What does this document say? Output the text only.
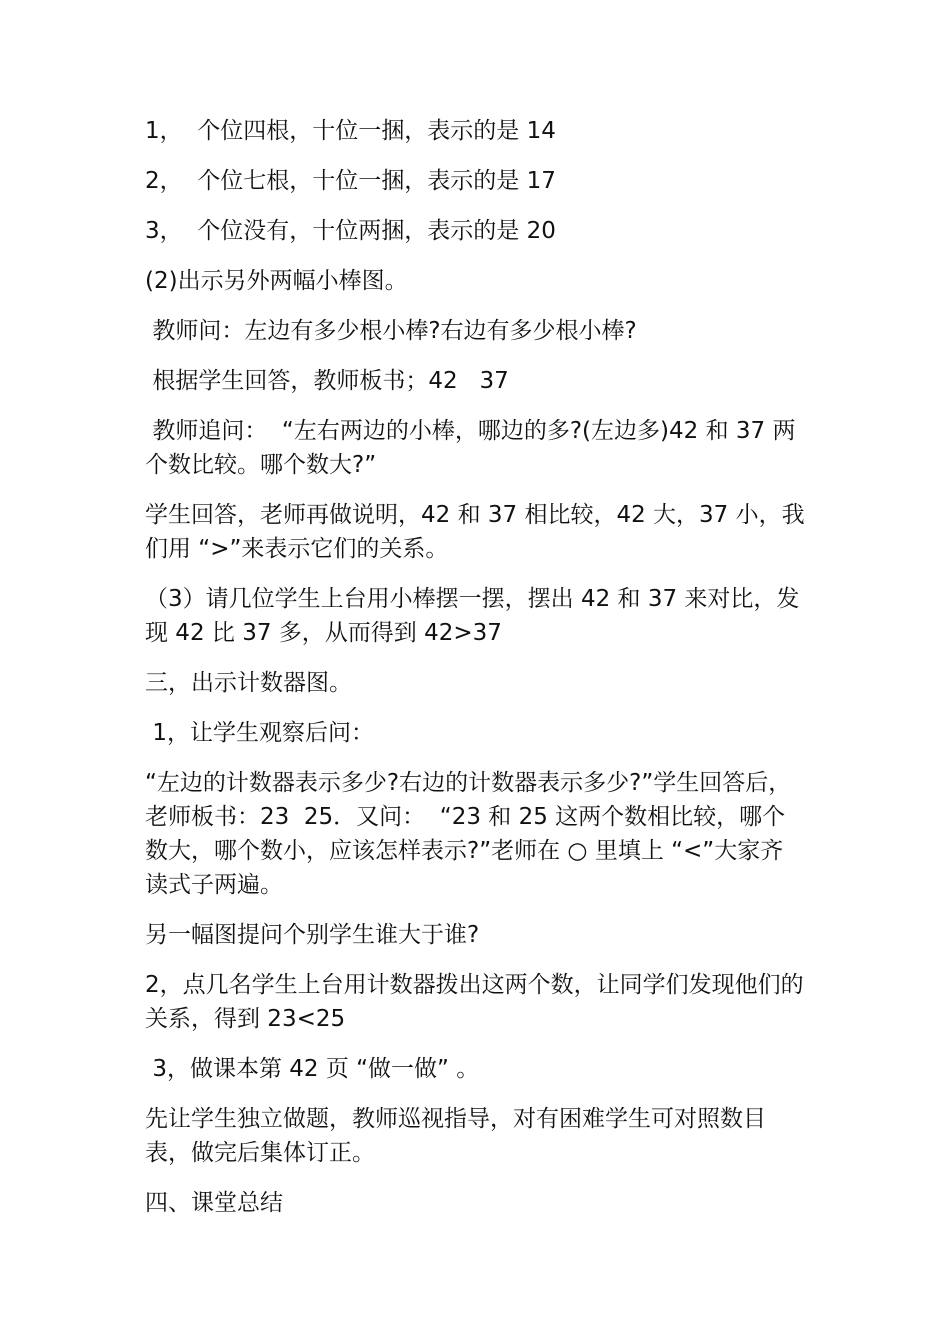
1，  个位四根，十位一捆，表示的是 14

2，  个位七根，十位一捆，表示的是 17

3，  个位没有，十位两捆，表示的是 20

(2)出示另外两幅小棒图。

教师问：左边有多少根小棒?右边有多少根小棒?

根据学生回答，教师板书；42   37

教师追问：  “左右两边的小棒，哪边的多?(左边多)42 和 37 两个数比较。哪个数大?”

学生回答，老师再做说明，42 和 37 相比较，42 大，37 小，我们用 “>”来表示它们的关系。

（3）请几位学生上台用小棒摆一摆，摆出 42 和 37 来对比，发现 42 比 37 多，从而得到 42>37

三，出示计数器图。

1，让学生观察后问：

“左边的计数器表示多少?右边的计数器表示多少?”学生回答后，老师板书：23  25．又问：  “23 和 25 这两个数相比较，哪个数大，哪个数小，应该怎样表示?”老师在 ○ 里填上 “<”大家齐读式子两遍。

另一幅图提问个别学生谁大于谁?

2，点几名学生上台用计数器拨出这两个数，让同学们发现他们的关系，得到 23<25

3，做课本第 42 页 “做一做” 。

先让学生独立做题，教师巡视指导，对有困难学生可对照数目表，做完后集体订正。

四、课堂总结
